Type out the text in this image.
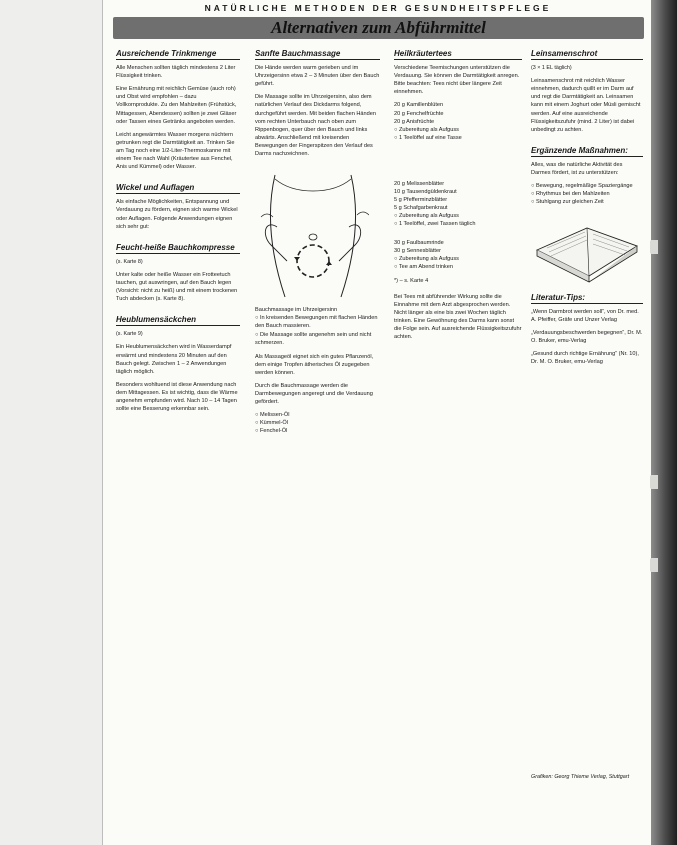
NATÜRLICHE METHODEN DER GESUNDHEITSPFLEGE
Alternativen zum Abführmittel
Ausreichende Trinkmenge

Alle Menschen sollten täglich mindestens 2 Liter Flüssigkeit trinken.

Eine Ernährung mit reichlich Gemüse (auch roh) und Obst wird empfohlen – dazu Vollkornprodukte. Zu den Mahlzeiten (Frühstück, Mittagessen, Abendessen) sollten je zwei Gläser oder Tassen eines Getränks angeboten werden.

Leicht angewärmtes Wasser morgens nüchtern getrunken regt die Darmtätigkeit an. Trinken Sie am Tag noch eine 1/2-Liter-Thermoskanne mit einem Tee nach Wahl (Kräutertee aus Fenchel, Anis und Kümmel) oder Wasser.

Wickel und Auflagen

Als einfache Möglichkeiten, Entspannung und Verdauung zu fördern, eignen sich warme Wickel oder Auflagen. Folgende Anwendungen eignen sich sehr gut:

Feucht-heiße Bauchkompresse
(s. Karte 8)

Unter kalte oder heiße Wasser ein Frotteetuch tauchen, gut auswringen, auf den Bauch legen (Vorsicht: nicht zu heiß) und mit einem trockenen Tuch abdecken (s. Karte 8).

Heublumensäckchen
(s. Karte 9)

Ein Heublumensäckchen wird in Wasserdampf erwärmt und mindestens 20 Minuten auf den Bauch gelegt. Zwischen 1 – 2 Anwendungen täglich möglich.

Besonders wohltuend ist diese Anwendung nach dem Mittagessen. Es ist wichtig, dass die Wärme angenehm empfunden wird. Nach 10 – 14 Tagen sollte eine Besserung erkennbar sein.

Sanfte Bauchmassage

Die Hände werden warm gerieben und im Uhrzeigersinn etwa 2 – 3 Minuten über den Bauch geführt.

Die Massage sollte im Uhrzeigersinn, also dem natürlichen Verlauf des Dickdarms folgend, durchgeführt werden. Mit beiden flachen Händen vom rechten Unterbauch nach oben zum Rippenbogen, quer über den Bauch und links abwärts. Anschließend mit kreisenden Bewegungen der Fingerspitzen den Verlauf des Darms nachzeichnen.

Bauchmassage im Uhrzeigersinn
○ In kreisenden Bewegungen mit flachen Händen den Bauch massieren.
○ Die Massage sollte angenehm sein und nicht schmerzen.

Als Massageöl eignet sich ein gutes Pflanzenöl, dem einige Tropfen ätherisches Öl zugegeben werden können.

Durch die Bauchmassage werden die Darmbewegungen angeregt und die Verdauung gefördert.

○ Melissen-Öl
○ Kümmel-Öl
○ Fenchel-Öl
Heilkräutertees

Verschiedene Teemischungen unterstützen die Verdauung. Sie können die Darmtätigkeit anregen. Bitte beachten: Tees nicht über längere Zeit einnehmen.

20 g Kamillenblüten
20 g Fenchelfrüchte
20 g Anisfrüchte
○ Zubereitung als Aufguss
○ 1 Teelöffel auf eine Tasse
20 g Melissenblätter
10 g Tausendgüldenkraut
5 g Pfefferminzblätter
5 g Schafgarbenkraut
○ Zubereitung als Aufguss
○ 1 Teelöffel, zwei Tassen täglich
30 g Faulbaumrinde
30 g Sennesblätter
○ Zubereitung als Aufguss
○ Tee am Abend trinken

*) – s. Karte 4

Bei Tees mit abführender Wirkung sollte die Einnahme mit dem Arzt abgesprochen werden. Nicht länger als eine bis zwei Wochen täglich trinken. Eine Gewöhnung des Darms kann sonst die Folge sein. Auf ausreichende Flüssigkeitszufuhr achten.

Leinsamenschrot
(3 × 1 EL täglich)

Leinsamenschrot mit reichlich Wasser einnehmen, dadurch quillt er im Darm auf und regt die Darmtätigkeit an. Leinsamen kann mit einem Joghurt oder Müsli gemischt werden. Auf eine ausreichende Flüssigkeitszufuhr (mind. 2 Liter) ist dabei unbedingt zu achten.

Ergänzende Maßnahmen:

Alles, was die natürliche Aktivität des Darmes fördert, ist zu unterstützen:

○ Bewegung, regelmäßige Spaziergänge
○ Rhythmus bei den Mahlzeiten
○ Stuhlgang zur gleichen Zeit
Literatur-Tips:

„Wenn Darmbrot werden soll“, von Dr. med. A. Pfeiffer, Gräfe und Unzer Verlag

„Verdauungsbeschwerden begegnen“, Dr. M. O. Bruker, emu-Verlag

„Gesund durch richtige Ernährung“ (Nr. 10),

Dr. M. O. Bruker, emu-Verlag

Grafiken: Georg Thieme Verlag, Stuttgart
